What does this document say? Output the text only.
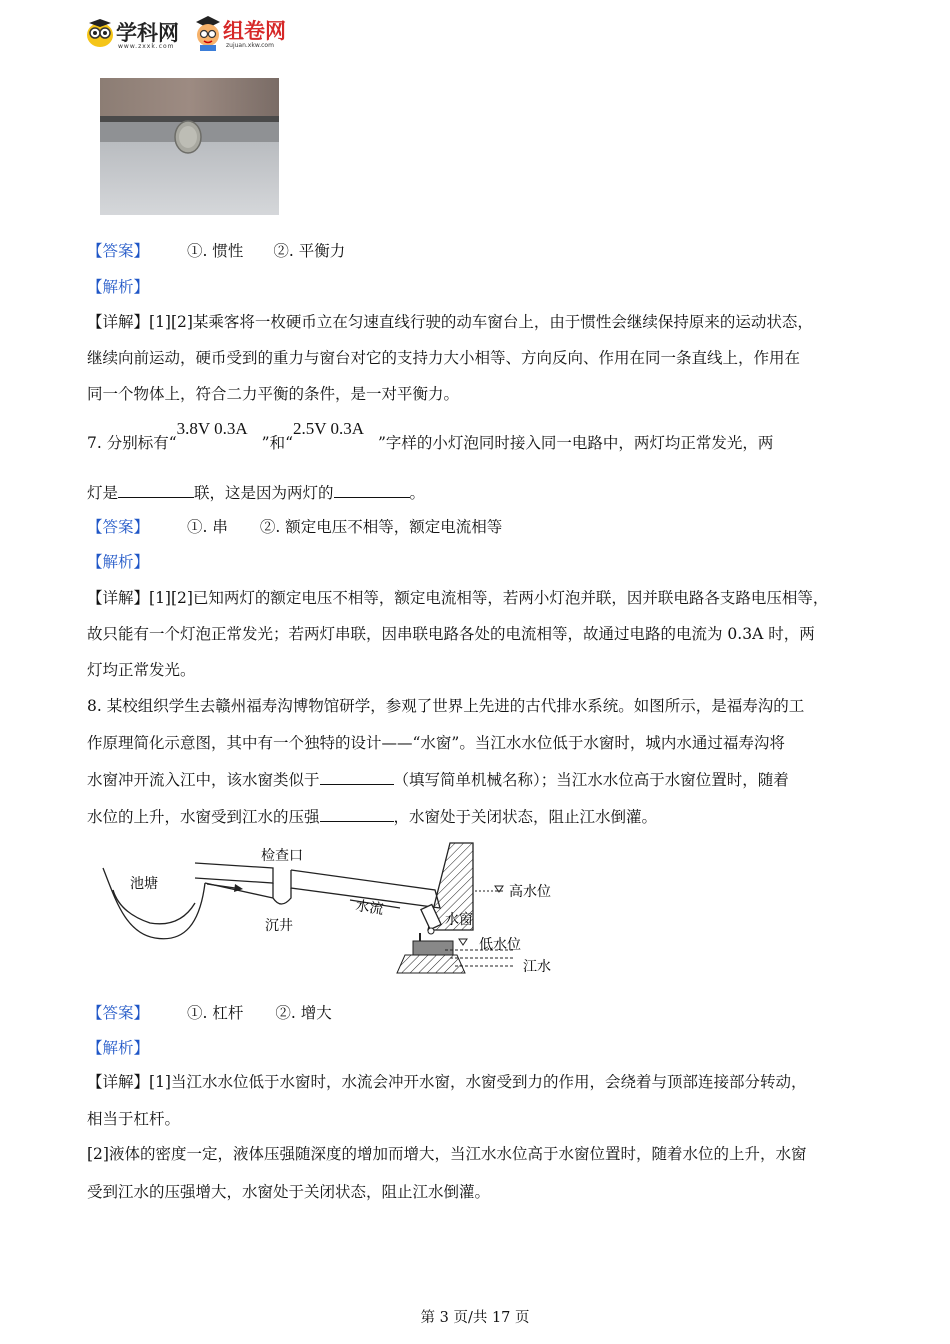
学科网
www.zxxk.com
组卷网
zujuan.xkw.com
【答案】 ①. 惯性 ②. 平衡力
【解析】
【详解】[1][2]某乘客将一枚硬币立在匀速直线行驶的动车窗台上，由于惯性会继续保持原来的运动状态，
继续向前运动，硬币受到的重力与窗台对它的支持力大小相等、方向反向、作用在同一条直线上，作用在
同一个物体上，符合二力平衡的条件，是一对平衡力。
7. 分别标有“3.8V 0.3A”和“2.5V 0.3A”字样的小灯泡同时接入同一电路中，两灯均正常发光，两
灯是	联，这是因为两灯的	。
【答案】 ①. 串 ②. 额定电压不相等，额定电流相等
【解析】
【详解】[1][2]已知两灯的额定电压不相等，额定电流相等，若两小灯泡并联，因并联电路各支路电压相等，
故只能有一个灯泡正常发光；若两灯串联，因串联电路各处的电流相等，故通过电路的电流为 0.3A 时，两
灯均正常发光。
8. 某校组织学生去赣州福寿沟博物馆研学，参观了世界上先进的古代排水系统。如图所示，是福寿沟的工
作原理简化示意图，其中有一个独特的设计——“水窗”。当江水水位低于水窗时，城内水通过福寿沟将
水窗冲开流入江中，该水窗类似于	（填写简单机械名称）；当江水水位高于水窗位置时，随着
水位的上升，水窗受到江水的压强	，水窗处于关闭状态，阻止江水倒灌。
池塘
检查口
沉井
水流
水窗
高水位
低水位
江水
【答案】 ①. 杠杆 ②. 增大
【解析】
【详解】[1]当江水水位低于水窗时，水流会冲开水窗，水窗受到力的作用，会绕着与顶部连接部分转动，
相当于杠杆。
[2]液体的密度一定，液体压强随深度的增加而增大，当江水水位高于水窗位置时，随着水位的上升，水窗
受到江水的压强增大，水窗处于关闭状态，阻止江水倒灌。
第 3 页/共 17 页
